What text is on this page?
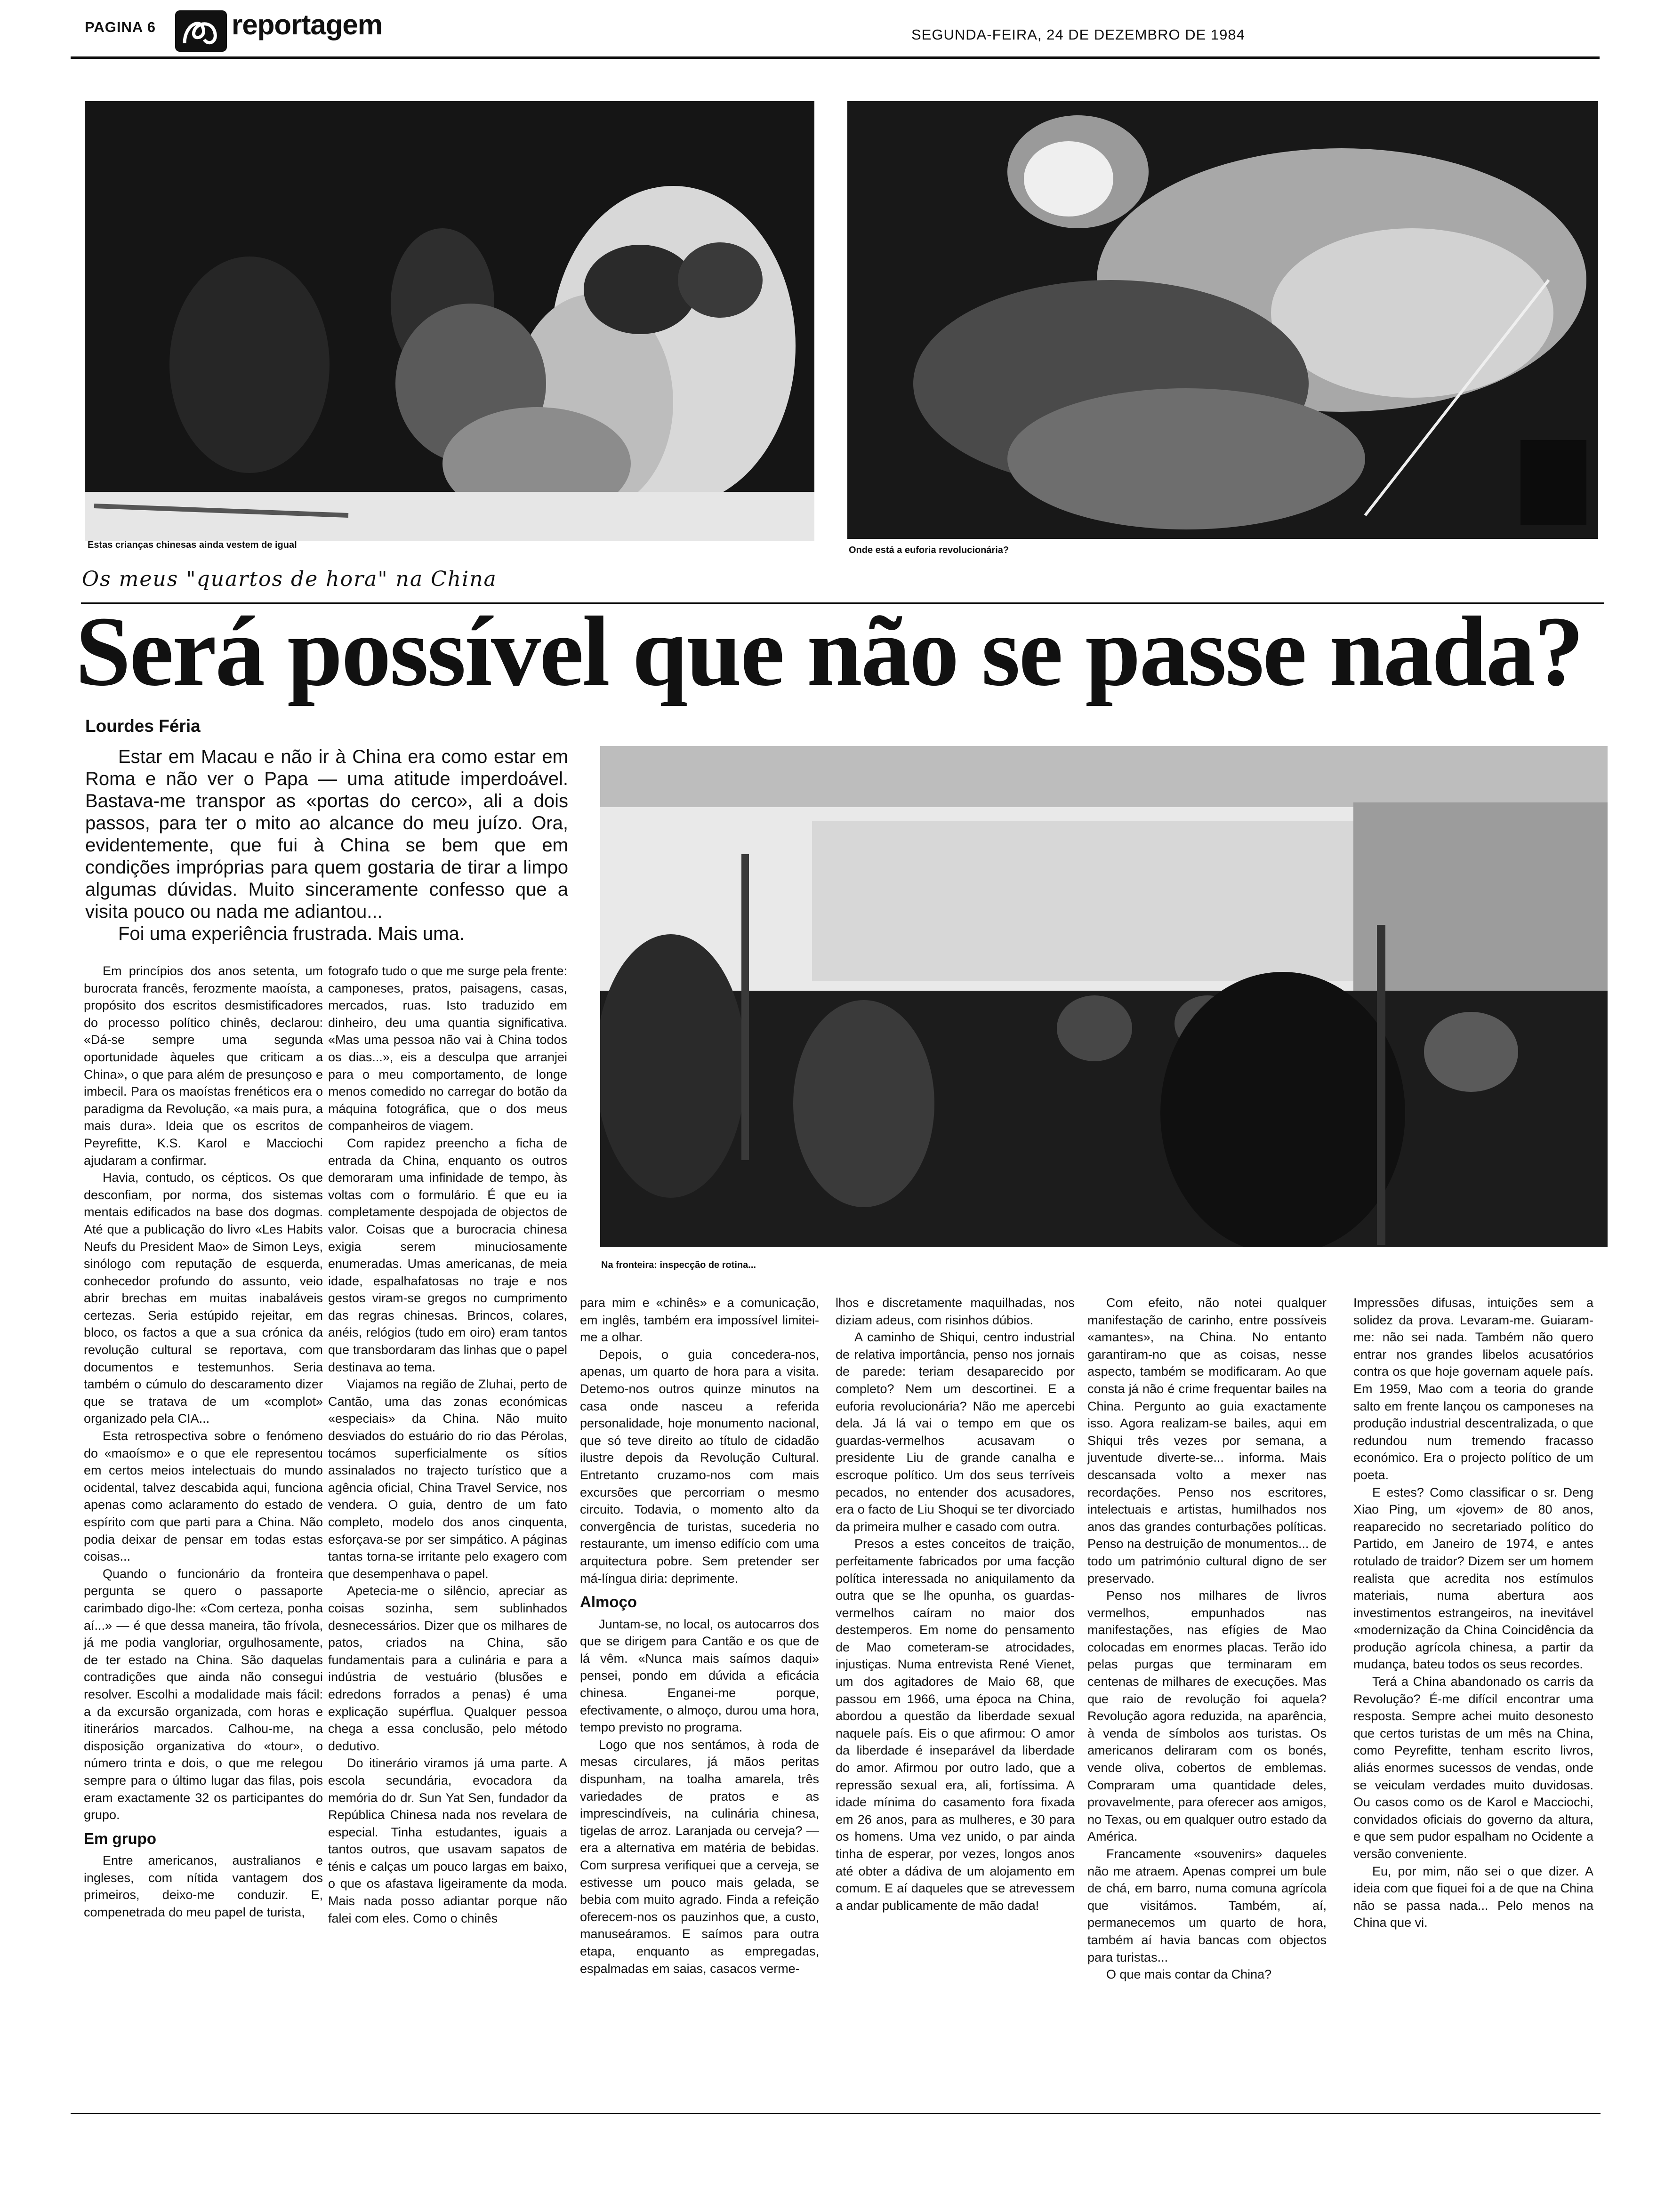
PAGINA 6	reportagem	SEGUNDA-FEIRA, 24 DE DEZEMBRO DE 1984
Estas crianças chinesas ainda vestem de igual	Onde está a euforia revolucionária?
Os meus "quartos de hora" na China
Será possível que não se passe nada?
Lourdes Féria

Estar em Macau e não ir à China era como estar em Roma e não ver o Papa — uma atitude imperdoável. Bastava-me transpor as «portas do cerco», ali a dois passos, para ter o mito ao alcance do meu juízo. Ora, evidentemente, que fui à China se bem que em condições impróprias para quem gostaria de tirar a limpo algumas dúvidas. Muito sinceramente confesso que a visita pouco ou nada me adiantou...

Foi uma experiência frustrada. Mais uma.

Na fronteira: inspecção de rotina...

Em princípios dos anos setenta, um burocrata francês, ferozmente maoísta, a propósito dos escritos desmistificadores do processo político chinês, declarou: «Dá-se sempre uma segunda oportunidade àqueles que criticam a China», o que para além de presunçoso e imbecil. Para os maoístas frenéticos era o paradigma da Revolução, «a mais pura, a mais dura». Ideia que os escritos de Peyrefitte, K.S. Karol e Macciochi ajudaram a confirmar.

Havia, contudo, os cépticos. Os que desconfiam, por norma, dos sistemas mentais edificados na base dos dogmas. Até que a publicação do livro «Les Habits Neufs du President Mao» de Simon Leys, sinólogo com reputação de esquerda, conhecedor profundo do assunto, veio abrir brechas em muitas inabaláveis certezas. Seria estúpido rejeitar, em bloco, os factos a que a sua crónica da revolução cultural se reportava, com documentos e testemunhos. Seria também o cúmulo do descaramento dizer que se tratava de um «complot» organizado pela CIA...

Esta retrospectiva sobre o fenómeno do «maoísmo» e o que ele representou em certos meios intelectuais do mundo ocidental, talvez descabida aqui, funciona apenas como aclaramento do estado de espírito com que parti para a China. Não podia deixar de pensar em todas estas coisas...

Quando o funcionário da fronteira pergunta se quero o passaporte carimbado digo-lhe: «Com certeza, ponha aí...» — é que dessa maneira, tão frívola, já me podia vangloriar, orgulhosamente, de ter estado na China. São daquelas contradições que ainda não consegui resolver. Escolhi a modalidade mais fácil: a da excursão organizada, com horas e itinerários marcados. Calhou-me, na disposição organizativa do «tour», o número trinta e dois, o que me relegou sempre para o último lugar das filas, pois eram exactamente 32 os participantes do grupo.

Em grupo

Entre americanos, australianos e ingleses, com nítida vantagem dos primeiros, deixo-me conduzir. E, compenetrada do meu papel de turista,

fotografo tudo o que me surge pela frente: camponeses, pratos, paisagens, casas, mercados, ruas. Isto traduzido em dinheiro, deu uma quantia significativa. «Mas uma pessoa não vai à China todos os dias...», eis a desculpa que arranjei para o meu comportamento, de longe menos comedido no carregar do botão da máquina fotográfica, que o dos meus companheiros de viagem.

Com rapidez preencho a ficha de entrada da China, enquanto os outros demoraram uma infinidade de tempo, às voltas com o formulário. É que eu ia completamente despojada de objectos de valor. Coisas que a burocracia chinesa exigia serem minuciosamente enumeradas. Umas americanas, de meia idade, espalhafatosas no traje e nos gestos viram-se gregos no cumprimento das regras chinesas. Brincos, colares, anéis, relógios (tudo em oiro) eram tantos que transbordaram das linhas que o papel destinava ao tema.

Viajamos na região de Zluhai, perto de Cantão, uma das zonas económicas «especiais» da China. Não muito desviados do estuário do rio das Pérolas, tocámos superficialmente os sítios assinalados no trajecto turístico que a agência oficial, China Travel Service, nos vendera. O guia, dentro de um fato completo, modelo dos anos cinquenta, esforçava-se por ser simpático. A páginas tantas torna-se irritante pelo exagero com que desempenhava o papel.

Apetecia-me o silêncio, apreciar as coisas sozinha, sem sublinhados desnecessários. Dizer que os milhares de patos, criados na China, são fundamentais para a culinária e para a indústria de vestuário (blusões e edredons forrados a penas) é uma explicação supérflua. Qualquer pessoa chega a essa conclusão, pelo método dedutivo.

Do itinerário viramos já uma parte. A escola secundária, evocadora da memória do dr. Sun Yat Sen, fundador da República Chinesa nada nos revelara de especial. Tinha estudantes, iguais a tantos outros, que usavam sapatos de ténis e calças um pouco largas em baixo, o que os afastava ligeiramente da moda. Mais nada posso adiantar porque não falei com eles. Como o chinês

para mim e «chinês» e a comunicação, em inglês, também era impossível limitei-me a olhar.

Depois, o guia concedera-nos, apenas, um quarto de hora para a visita. Detemo-nos outros quinze minutos na casa onde nasceu a referida personalidade, hoje monumento nacional, que só teve direito ao título de cidadão ilustre depois da Revolução Cultural. Entretanto cruzamo-nos com mais excursões que percorriam o mesmo circuito. Todavia, o momento alto da convergência de turistas, sucederia no restaurante, um imenso edifício com uma arquitectura pobre. Sem pretender ser má-língua diria: deprimente.

Almoço

Juntam-se, no local, os autocarros dos que se dirigem para Cantão e os que de lá vêm. «Nunca mais saímos daqui» pensei, pondo em dúvida a eficácia chinesa. Enganei-me porque, efectivamente, o almoço, durou uma hora, tempo previsto no programa.

Logo que nos sentámos, à roda de mesas circulares, já mãos peritas dispunham, na toalha amarela, três variedades de pratos e as imprescindíveis, na culinária chinesa, tigelas de arroz. Laranjada ou cerveja? — era a alternativa em matéria de bebidas. Com surpresa verifiquei que a cerveja, se estivesse um pouco mais gelada, se bebia com muito agrado. Finda a refeição oferecem-nos os pauzinhos que, a custo, manuseáramos. E saímos para outra etapa, enquanto as empregadas, espalmadas em saias, casacos verme-

lhos e discretamente maquilhadas, nos diziam adeus, com risinhos dúbios.

A caminho de Shiqui, centro industrial de relativa importância, penso nos jornais de parede: teriam desaparecido por completo? Nem um descortinei. E a euforia revolucionária? Não me apercebi dela. Já lá vai o tempo em que os guardas-vermelhos acusavam o presidente Liu de grande canalha e escroque político. Um dos seus terríveis pecados, no entender dos acusadores, era o facto de Liu Shoqui se ter divorciado da primeira mulher e casado com outra.

Presos a estes conceitos de traição, perfeitamente fabricados por uma facção política interessada no aniquilamento da outra que se lhe opunha, os guardas-vermelhos caíram no maior dos destemperos. Em nome do pensamento de Mao cometeram-se atrocidades, injustiças. Numa entrevista René Vienet, um dos agitadores de Maio 68, que passou em 1966, uma época na China, abordou a questão da liberdade sexual naquele país. Eis o que afirmou: O amor da liberdade é inseparável da liberdade do amor. Afirmou por outro lado, que a repressão sexual era, ali, fortíssima. A idade mínima do casamento fora fixada em 26 anos, para as mulheres, e 30 para os homens. Uma vez unido, o par ainda tinha de esperar, por vezes, longos anos até obter a dádiva de um alojamento em comum. E aí daqueles que se atrevessem a andar publicamente de mão dada!

Com efeito, não notei qualquer manifestação de carinho, entre possíveis «amantes», na China. No entanto garantiram-no que as coisas, nesse aspecto, também se modificaram. Ao que consta já não é crime frequentar bailes na China. Pergunto ao guia exactamente isso. Agora realizam-se bailes, aqui em Shiqui três vezes por semana, a juventude diverte-se... informa. Mais descansada volto a mexer nas recordações. Penso nos escritores, intelectuais e artistas, humilhados nos anos das grandes conturbações políticas. Penso na destruição de monumentos... de todo um património cultural digno de ser preservado.

Penso nos milhares de livros vermelhos, empunhados nas manifestações, nas efígies de Mao colocadas em enormes placas. Terão ido pelas purgas que terminaram em centenas de milhares de execuções. Mas que raio de revolução foi aquela? Revolução agora reduzida, na aparência, à venda de símbolos aos turistas. Os americanos deliraram com os bonés, vende oliva, cobertos de emblemas. Compraram uma quantidade deles, provavelmente, para oferecer aos amigos, no Texas, ou em qualquer outro estado da América.

Francamente «souvenirs» daqueles não me atraem. Apenas comprei um bule de chá, em barro, numa comuna agrícola que visitámos. Também, aí, permanecemos um quarto de hora, também aí havia bancas com objectos para turistas...

O que mais contar da China?

Impressões difusas, intuições sem a solidez da prova. Levaram-me. Guiaram-me: não sei nada. Também não quero entrar nos grandes libelos acusatórios contra os que hoje governam aquele país. Em 1959, Mao com a teoria do grande salto em frente lançou os camponeses na produção industrial descentralizada, o que redundou num tremendo fracasso económico. Era o projecto político de um poeta.

E estes? Como classificar o sr. Deng Xiao Ping, um «jovem» de 80 anos, reaparecido no secretariado político do Partido, em Janeiro de 1974, e antes rotulado de traidor? Dizem ser um homem realista que acredita nos estímulos materiais, numa abertura aos investimentos estrangeiros, na inevitável «modernização da China Coincidência da produção agrícola chinesa, a partir da mudança, bateu todos os seus recordes.

Terá a China abandonado os carris da Revolução? É-me difícil encontrar uma resposta. Sempre achei muito desonesto que certos turistas de um mês na China, como Peyrefitte, tenham escrito livros, aliás enormes sucessos de vendas, onde se veiculam verdades muito duvidosas. Ou casos como os de Karol e Macciochi, convidados oficiais do governo da altura, e que sem pudor espalham no Ocidente a versão conveniente.

Eu, por mim, não sei o que dizer. A ideia com que fiquei foi a de que na China não se passa nada... Pelo menos na China que vi.
